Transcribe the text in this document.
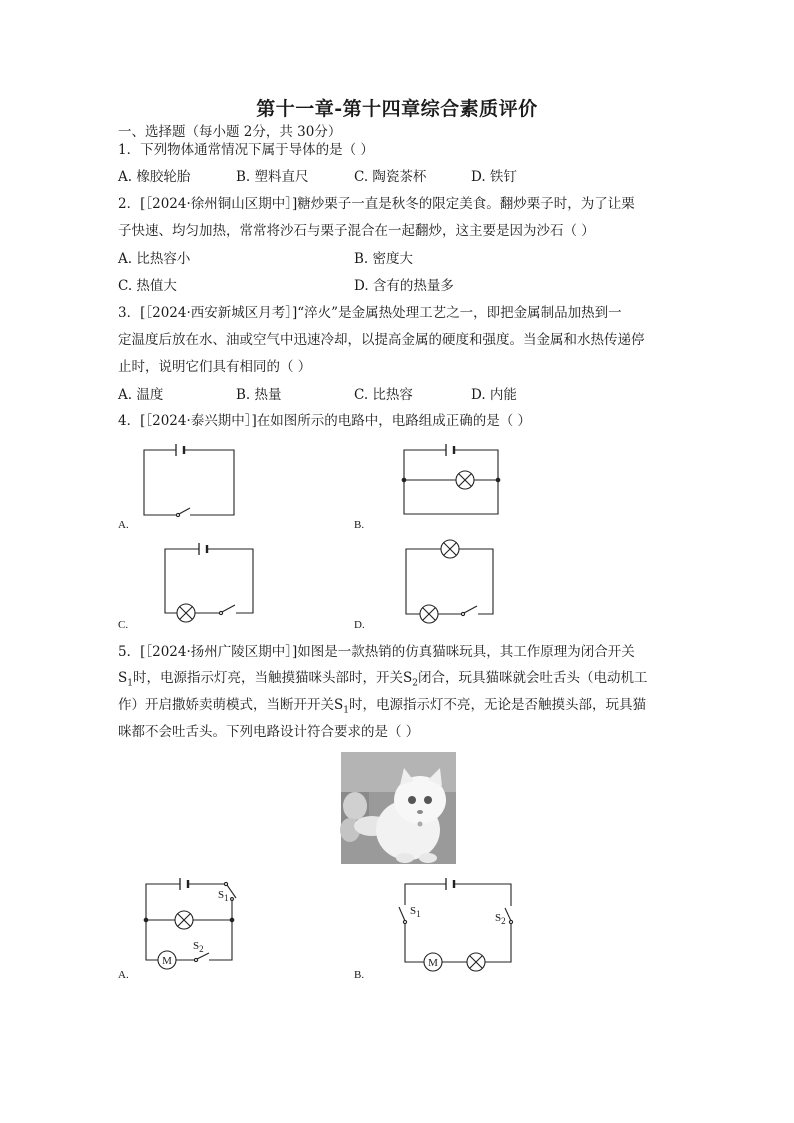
第十一章-第十四章综合素质评价
一、选择题（每小题 2分，共 30分）
1．下列物体通常情况下属于导体的是（ ）
A. 橡胶轮胎	B. 塑料直尺	C. 陶瓷茶杯	D. 铁钉
2．[［2024·徐州铜山区期中］]糖炒栗子一直是秋冬的限定美食。翻炒栗子时，为了让栗
子快速、均匀加热，常常将沙石与栗子混合在一起翻炒，这主要是因为沙石（ ）
A. 比热容小	B. 密度大
C. 热值大	D. 含有的热量多
3．[［2024·西安新城区月考］]“淬火”是金属热处理工艺之一，即把金属制品加热到一
定温度后放在水、油或空气中迅速冷却，以提高金属的硬度和强度。当金属和水热传递停
止时，说明它们具有相同的（ ）
A. 温度	B. 热量	C. 比热容	D. 内能
4．[［2024·泰兴期中］]在如图所示的电路中，电路组成正确的是（ ）
M	M
A.	B.
C.	D.
5．[［2024·扬州广陵区期中］]如图是一款热销的仿真猫咪玩具，其工作原理为闭合开关
$S_1$时，电源指示灯亮，当触摸猫咪头部时，开关$S_2$闭合，玩具猫咪就会吐舌头（电动机工
作）开启撒娇卖萌模式，当断开开关$S_1$时，电源指示灯不亮，无论是否触摸头部，玩具猫
咪都不会吐舌头。下列电路设计符合要求的是（ ）
$S_1$
$S_2$
$S_1$	$S_2$
A.	B.
